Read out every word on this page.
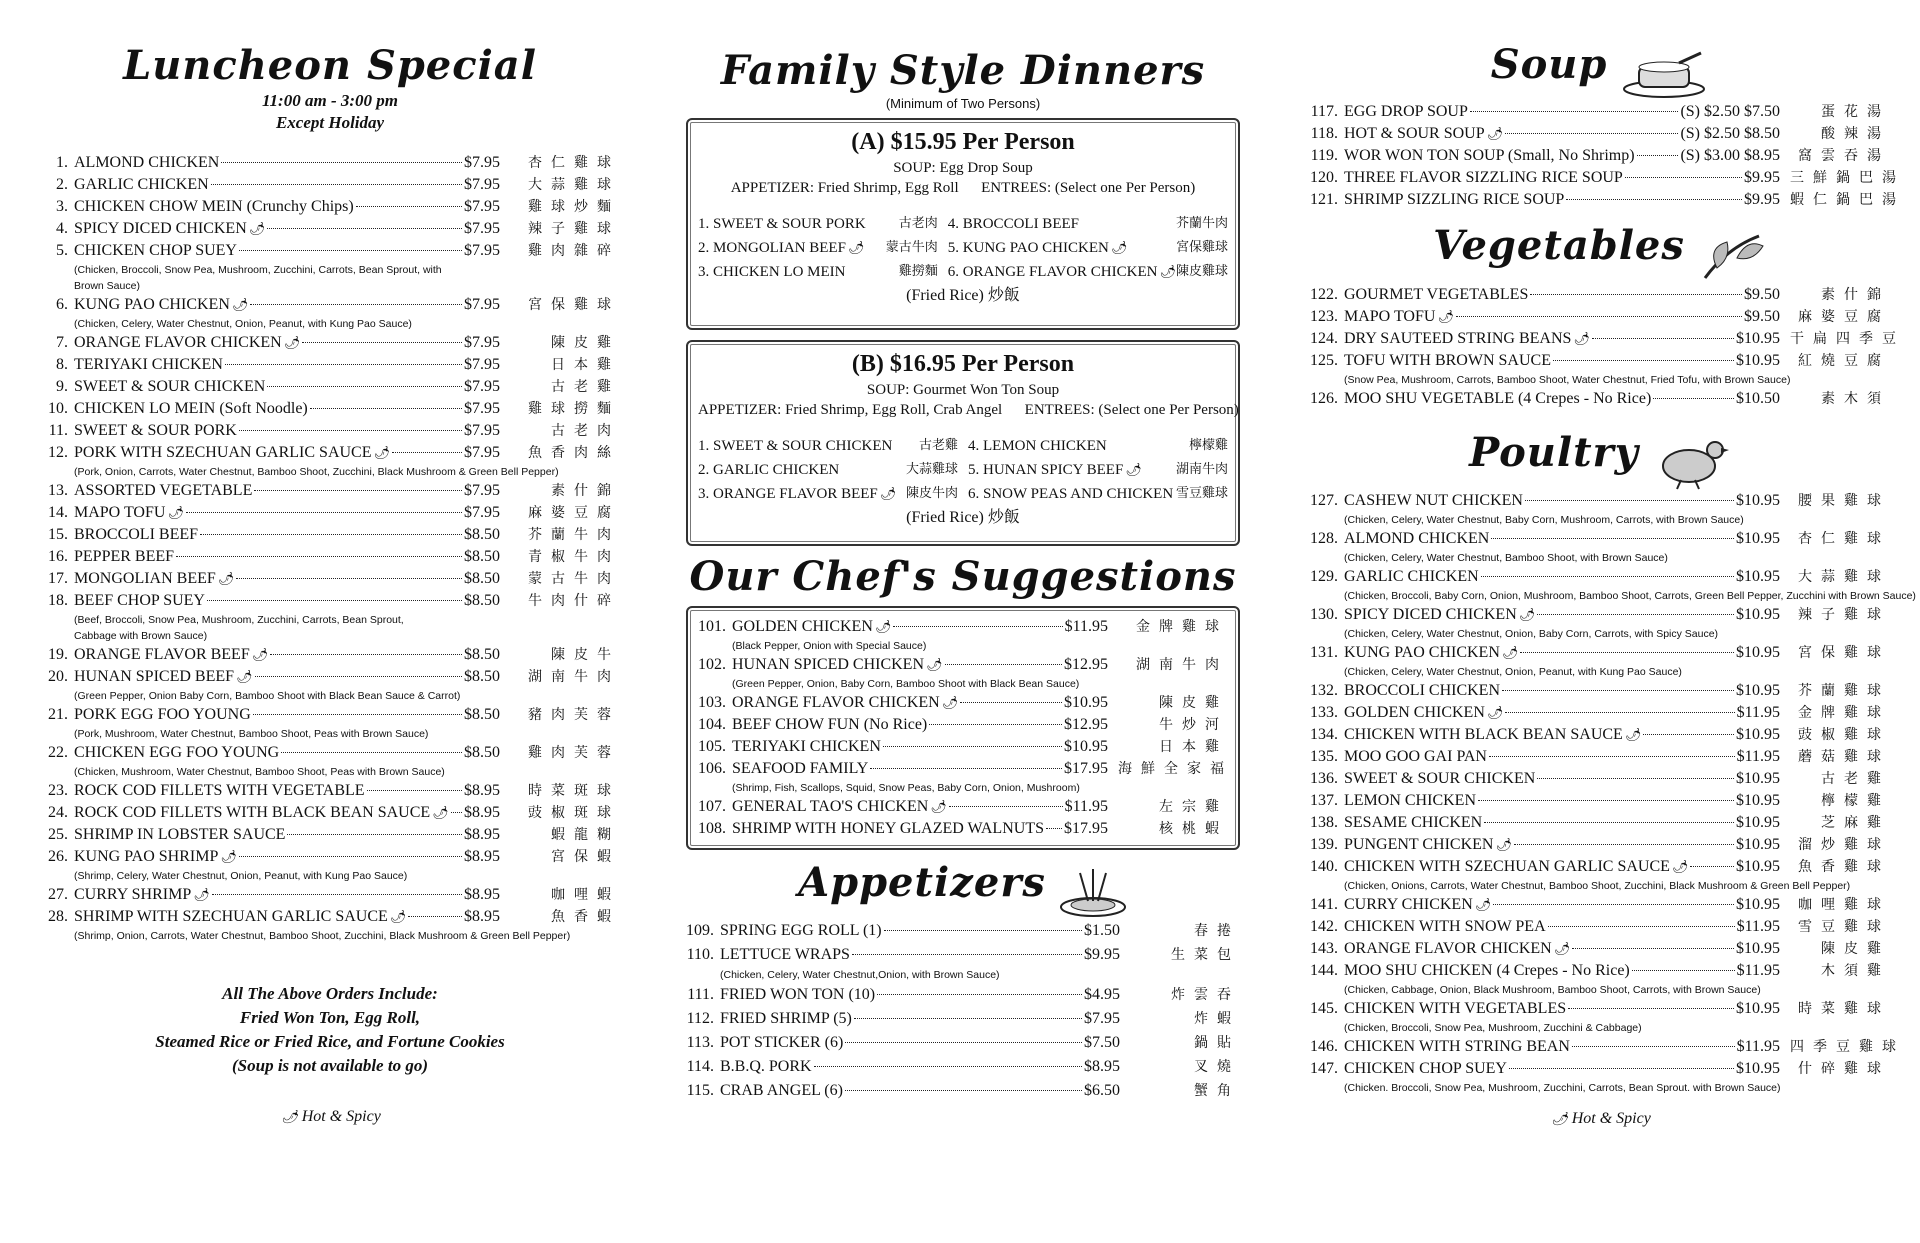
Luncheon Special
11:00 am - 3:00 pm
Except Holiday
1. ALMOND CHICKEN	$7.95	杏仁雞球
2. GARLIC CHICKEN	$7.95	大蒜雞球
3. CHICKEN CHOW MEIN (Crunchy Chips)	$7.95	雞球炒麵
4. SPICY DICED CHICKEN 🌶	$7.95	辣子雞球
5. CHICKEN CHOP SUEY	$7.95	雞肉雜碎
(Chicken, Broccoli, Snow Pea, Mushroom, Zucchini, Carrots, Bean Sprout, with
Brown Sauce)
6. KUNG PAO CHICKEN 🌶	$7.95	宮保雞球
(Chicken, Celery, Water Chestnut, Onion, Peanut, with Kung Pao Sauce)
7. ORANGE FLAVOR CHICKEN 🌶	$7.95	陳皮雞
8. TERIYAKI CHICKEN	$7.95	日本雞
9. SWEET & SOUR CHICKEN	$7.95	古老雞
10. CHICKEN LO MEIN (Soft Noodle)	$7.95	雞球撈麵
11. SWEET & SOUR PORK	$7.95	古老肉
12. PORK WITH SZECHUAN GARLIC SAUCE 🌶	$7.95	魚香肉絲
(Pork, Onion, Carrots, Water Chestnut, Bamboo Shoot, Zucchini, Black Mushroom & Green Bell Pepper)
13. ASSORTED VEGETABLE	$7.95	素什錦
14. MAPO TOFU 🌶	$7.95	麻婆豆腐
15. BROCCOLI BEEF	$8.50	芥蘭牛肉
16. PEPPER BEEF	$8.50	青椒牛肉
17. MONGOLIAN BEEF 🌶	$8.50	蒙古牛肉
18. BEEF CHOP SUEY	$8.50	牛肉什碎
(Beef, Broccoli, Snow Pea, Mushroom, Zucchini, Carrots, Bean Sprout,
Cabbage with Brown Sauce)
19. ORANGE FLAVOR BEEF 🌶	$8.50	陳皮牛
20. HUNAN SPICED BEEF 🌶	$8.50	湖南牛肉
(Green Pepper, Onion Baby Corn, Bamboo Shoot with Black Bean Sauce & Carrot)
21. PORK EGG FOO YOUNG	$8.50	豬肉芙蓉
(Pork, Mushroom, Water Chestnut, Bamboo Shoot, Peas with Brown Sauce)
22. CHICKEN EGG FOO YOUNG	$8.50	雞肉芙蓉
(Chicken, Mushroom, Water Chestnut, Bamboo Shoot, Peas with Brown Sauce)
23. ROCK COD FILLETS WITH VEGETABLE	$8.95	時菜斑球
24. ROCK COD FILLETS WITH BLACK BEAN SAUCE 🌶 $8.95	豉椒斑球
25. SHRIMP IN LOBSTER SAUCE	$8.95	蝦龍糊
26. KUNG PAO SHRIMP 🌶	$8.95	宮保蝦
(Shrimp, Celery, Water Chestnut, Onion, Peanut, with Kung Pao Sauce)
27. CURRY SHRIMP 🌶	$8.95	咖哩蝦
28. SHRIMP WITH SZECHUAN GARLIC SAUCE 🌶	$8.95	魚香蝦
(Shrimp, Onion, Carrots, Water Chestnut, Bamboo Shoot, Zucchini, Black Mushroom & Green Bell Pepper)
All The Above Orders Include:
Fried Won Ton, Egg Roll,
Steamed Rice or Fried Rice, and Fortune Cookies
(Soup is not available to go)
🌶 Hot & Spicy
Family Style Dinners
(Minimum of Two Persons)
(A) $15.95 Per Person
SOUP: Egg Drop Soup
APPETIZER: Fried Shrimp, Egg Roll      ENTREES: (Select one Per Person)
1. SWEET & SOUR PORK	古老肉 4. BROCCOLI BEEF	芥蘭牛肉
2. MONGOLIAN BEEF 🌶 蒙古牛肉 5. KUNG PAO CHICKEN 🌶	宮保雞球
3. CHICKEN LO MEIN	雞撈麵 6. ORANGE FLAVOR CHICKEN 🌶 陳皮雞球
(Fried Rice) 炒飯
(B) $16.95 Per Person
SOUP: Gourmet Won Ton Soup
APPETIZER: Fried Shrimp, Egg Roll, Crab Angel      ENTREES: (Select one Per Person)
1. SWEET & SOUR CHICKEN 古老雞 4. LEMON CHICKEN	檸檬雞
2. GARLIC CHICKEN	大蒜雞球 5. HUNAN SPICY BEEF 🌶	湖南牛肉
3. ORANGE FLAVOR BEEF 🌶 陳皮牛肉 6. SNOW PEAS AND CHICKEN 雪豆雞球
(Fried Rice) 炒飯
Our Chef's Suggestions
101. GOLDEN CHICKEN 🌶	$11.95	金牌雞球
(Black Pepper, Onion with Special Sauce)
102. HUNAN SPICED CHICKEN 🌶	$12.95	湖南牛肉
(Green Pepper, Onion, Baby Corn, Bamboo Shoot with Black Bean Sauce)
103. ORANGE FLAVOR CHICKEN 🌶	$10.95	陳皮雞
104. BEEF CHOW FUN (No Rice)	$12.95	牛炒河
105. TERIYAKI CHICKEN	$10.95	日本雞
106. SEAFOOD FAMILY	$17.95 海鮮全家福
(Shrimp, Fish, Scallops, Squid, Snow Peas, Baby Corn, Onion, Mushroom)
107. GENERAL TAO'S CHICKEN 🌶	$11.95	左宗雞
108. SHRIMP WITH HONEY GLAZED WALNUTS $17.95	核桃蝦
Appetizers
109. SPRING EGG ROLL (1)	$1.50	春捲
110. LETTUCE WRAPS	$9.95	生菜包
(Chicken, Celery, Water Chestnut,Onion, with Brown Sauce)
111. FRIED WON TON (10)	$4.95	炸雲吞
112. FRIED SHRIMP (5)	$7.95	炸蝦
113. POT STICKER (6)	$7.50	鍋貼
114. B.B.Q. PORK	$8.95	叉燒
115. CRAB ANGEL (6)	$6.50	蟹角
Soup
117. EGG DROP SOUP	(S) $2.50 $7.50	蛋花湯
118. HOT & SOUR SOUP 🌶	(S) $2.50 $8.50	酸辣湯
119. WOR WON TON SOUP (Small, No Shrimp)	(S) $3.00 $8.95	窩雲吞湯
120. THREE FLAVOR SIZZLING RICE SOUP	$9.95 三鮮鍋巴湯
121. SHRIMP SIZZLING RICE SOUP	$9.95 蝦仁鍋巴湯
Vegetables
122. GOURMET VEGETABLES	$9.50	素什錦
123. MAPO TOFU 🌶	$9.50	麻婆豆腐
124. DRY SAUTEED STRING BEANS 🌶	$10.95 干扁四季豆
125. TOFU WITH BROWN SAUCE	$10.95	紅燒豆腐
(Snow Pea, Mushroom, Carrots, Bamboo Shoot, Water Chestnut, Fried Tofu, with Brown Sauce)
126. MOO SHU VEGETABLE (4 Crepes - No Rice)	$10.50	素木須
Poultry
127. CASHEW NUT CHICKEN	$10.95	腰果雞球
(Chicken, Celery, Water Chestnut, Baby Corn, Mushroom, Carrots, with Brown Sauce)
128. ALMOND CHICKEN	$10.95	杏仁雞球
(Chicken, Celery, Water Chestnut, Bamboo Shoot, with Brown Sauce)
129. GARLIC CHICKEN	$10.95	大蒜雞球
(Chicken, Broccoli, Baby Corn, Onion, Mushroom, Bamboo Shoot, Carrots, Green Bell Pepper, Zucchini with Brown Sauce)
130. SPICY DICED CHICKEN 🌶	$10.95	辣子雞球
(Chicken, Celery, Water Chestnut, Onion, Baby Corn, Carrots, with Spicy Sauce)
131. KUNG PAO CHICKEN 🌶	$10.95	宮保雞球
(Chicken, Celery, Water Chestnut, Onion, Peanut, with Kung Pao Sauce)
132. BROCCOLI CHICKEN	$10.95	芥蘭雞球
133. GOLDEN CHICKEN 🌶	$11.95	金牌雞球
134. CHICKEN WITH BLACK BEAN SAUCE 🌶	$10.95	豉椒雞球
135. MOO GOO GAI PAN	$11.95	蘑菇雞球
136. SWEET & SOUR CHICKEN	$10.95	古老雞
137. LEMON CHICKEN	$10.95	檸檬雞
138. SESAME CHICKEN	$10.95	芝麻雞
139. PUNGENT CHICKEN 🌶	$10.95	溜炒雞球
140. CHICKEN WITH SZECHUAN GARLIC SAUCE 🌶	$10.95	魚香雞球
(Chicken, Onions, Carrots, Water Chestnut, Bamboo Shoot, Zucchini, Black Mushroom & Green Bell Pepper)
141. CURRY CHICKEN 🌶	$10.95	咖哩雞球
142. CHICKEN WITH SNOW PEA	$11.95	雪豆雞球
143. ORANGE FLAVOR CHICKEN 🌶	$10.95	陳皮雞
144. MOO SHU CHICKEN (4 Crepes - No Rice)	$11.95	木須雞
(Chicken, Cabbage, Onion, Black Mushroom, Bamboo Shoot, Carrots, with Brown Sauce)
145. CHICKEN WITH VEGETABLES	$10.95	時菜雞球
(Chicken, Broccoli, Snow Pea, Mushroom, Zucchini & Cabbage)
146. CHICKEN WITH STRING BEAN	$11.95 四季豆雞球
147. CHICKEN CHOP SUEY	$10.95	什碎雞球
(Chicken. Broccoli, Snow Pea, Mushroom, Zucchini, Carrots, Bean Sprout. with Brown Sauce)
🌶 Hot & Spicy
